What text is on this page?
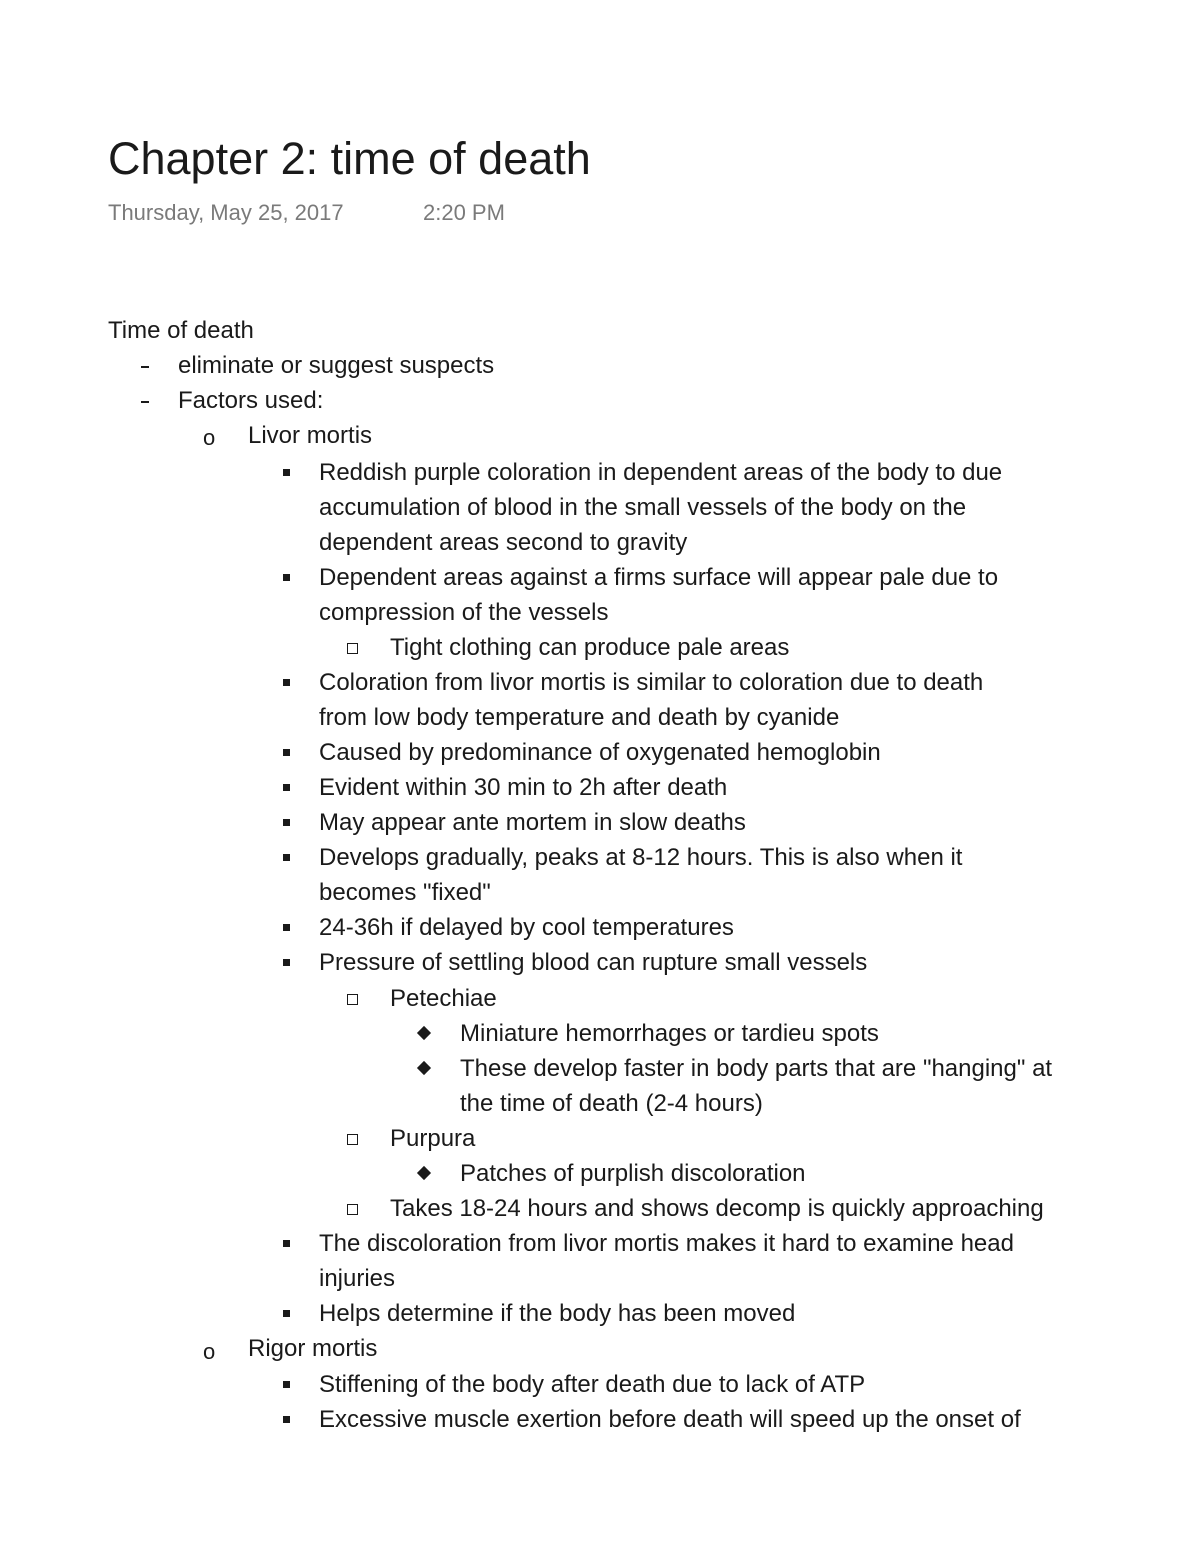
Chapter 2: time of death
Thursday, May 25, 2017	2:20 PM
Time of death
eliminate or suggest suspects
Factors used:
o Livor mortis
Reddish purple coloration in dependent areas of the body to due
accumulation of blood in the small vessels of the body on the
dependent areas second to gravity
Dependent areas against a firms surface will appear pale due to
compression of the vessels
Tight clothing can produce pale areas
Coloration from livor mortis is similar to coloration due to death
from low body temperature and death by cyanide
Caused by predominance of oxygenated hemoglobin
Evident within 30 min to 2h after death
May appear ante mortem in slow deaths
Develops gradually, peaks at 8-12 hours. This is also when it
becomes "fixed"
24-36h if delayed by cool temperatures
Pressure of settling blood can rupture small vessels
Petechiae
Miniature hemorrhages or tardieu spots
These develop faster in body parts that are "hanging" at
the time of death (2-4 hours)
Purpura
Patches of purplish discoloration
Takes 18-24 hours and shows decomp is quickly approaching
The discoloration from livor mortis makes it hard to examine head
injuries
Helps determine if the body has been moved
o Rigor mortis
Stiffening of the body after death due to lack of ATP
Excessive muscle exertion before death will speed up the onset of
